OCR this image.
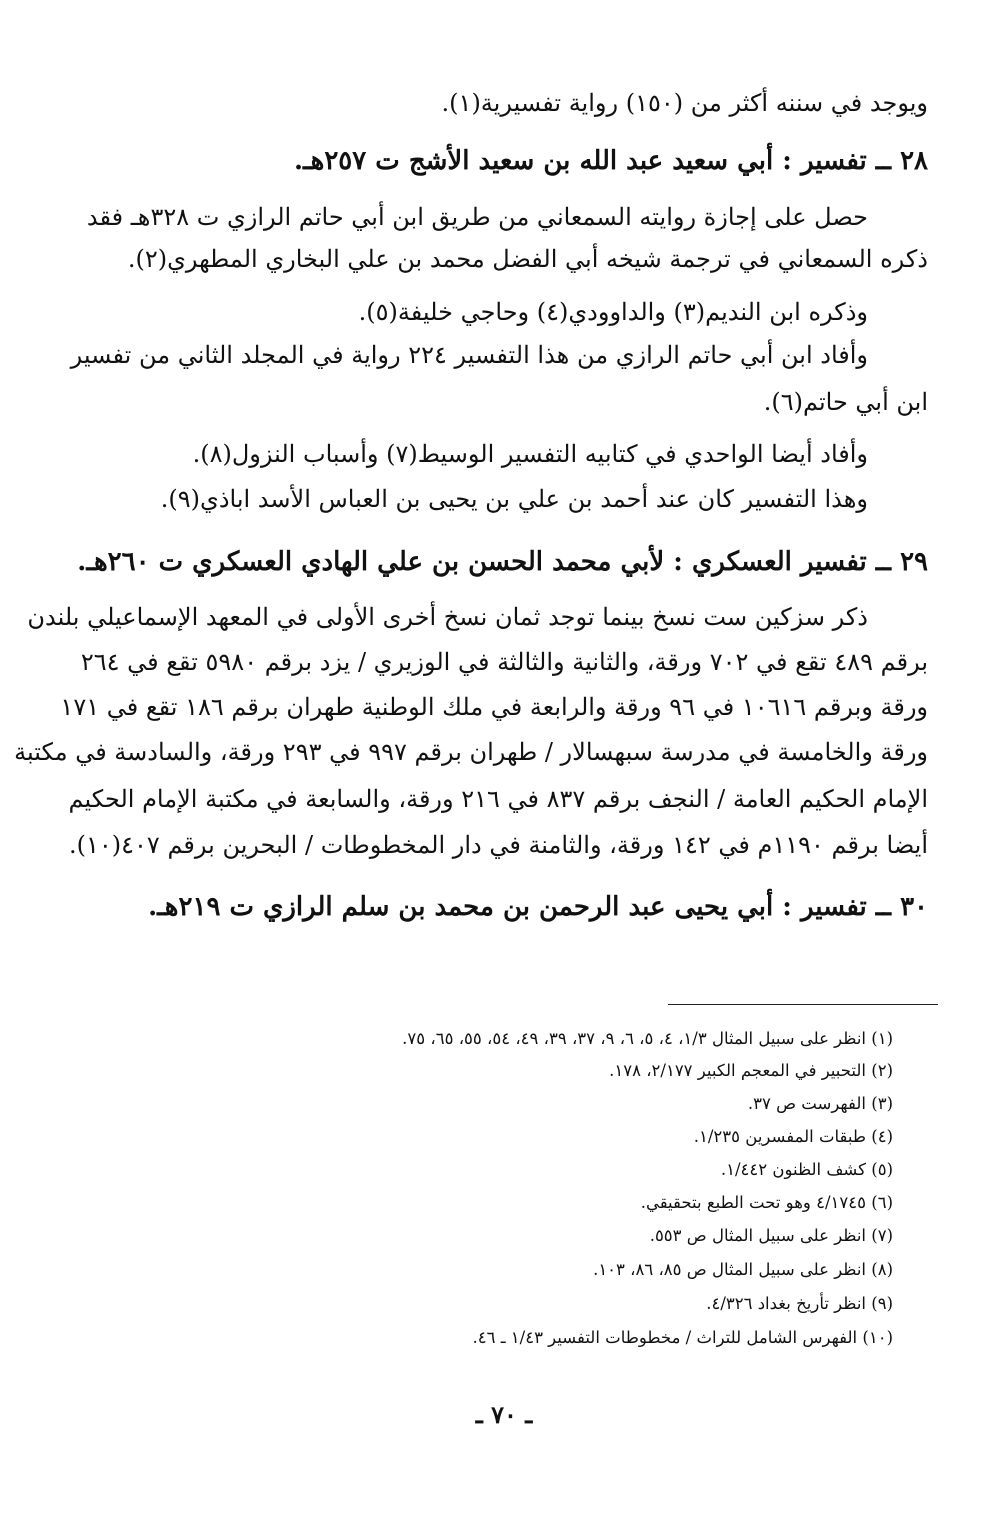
ويوجد في سننه أكثر من (١٥٠) رواية تفسيرية(١).
٢٨ ــ تفسير : أبي سعيد عبد الله بن سعيد الأشج ت ٢٥٧هـ.
حصل على إجازة روايته السمعاني من طريق ابن أبي حاتم الرازي ت ٣٢٨هـ فقد
ذكره السمعاني في ترجمة شيخه أبي الفضل محمد بن علي البخاري المطهري(٢).
وذكره ابن النديم(٣) والداوودي(٤) وحاجي خليفة(٥).
وأفاد ابن أبي حاتم الرازي من هذا التفسير ٢٢٤ رواية في المجلد الثاني من تفسير
ابن أبي حاتم(٦).
وأفاد أيضا الواحدي في كتابيه التفسير الوسيط(٧) وأسباب النزول(٨).
وهذا التفسير كان عند أحمد بن علي بن يحيى بن العباس الأسد اباذي(٩).
٢٩ ــ تفسير العسكري : لأبي محمد الحسن بن علي الهادي العسكري ت ٢٦٠هـ.
ذكر سزكين ست نسخ بينما توجد ثمان نسخ أخرى الأولى في المعهد الإسماعيلي بلندن
برقم ٤٨٩ تقع في ٧٠٢ ورقة، والثانية والثالثة في الوزيري / يزد برقم ٥٩٨٠ تقع في ٢٦٤
ورقة وبرقم ١٠٦١٦ في ٩٦ ورقة والرابعة في ملك الوطنية طهران برقم ١٨٦ تقع في ١٧١
ورقة والخامسة في مدرسة سبهسالار / طهران برقم ٩٩٧ في ٢٩٣ ورقة، والسادسة في مكتبة
الإمام الحكيم العامة / النجف برقم ٨٣٧ في ٢١٦ ورقة، والسابعة في مكتبة الإمام الحكيم
أيضا برقم ١١٩٠م في ١٤٢ ورقة، والثامنة في دار المخطوطات / البحرين برقم ٤٠٧(١٠).
٣٠ ــ تفسير : أبي يحيى عبد الرحمن بن محمد بن سلم الرازي ت ٢١٩هـ.
(١) انظر على سبيل المثال ١/٣، ٤، ٥، ٦، ٩، ٣٧، ٣٩، ٤٩، ٥٤، ٥٥، ٦٥، ٧٥.
(٢) التحبير في المعجم الكبير ٢/١٧٧، ١٧٨.
(٣) الفهرست ص ٣٧.
(٤) طبقات المفسرين ١/٢٣٥.
(٥) كشف الظنون ١/٤٤٢.
(٦) ٤/١٧٤٥ وهو تحت الطبع بتحقيقي.
(٧) انظر على سبيل المثال ص ٥٥٣.
(٨) انظر على سبيل المثال ص ٨٥، ٨٦، ١٠٣.
(٩) انظر تأريخ بغداد ٤/٣٢٦.
(١٠) الفهرس الشامل للتراث / مخطوطات التفسير ١/٤٣ ـ ٤٦.
ـ ٧٠ ـ
